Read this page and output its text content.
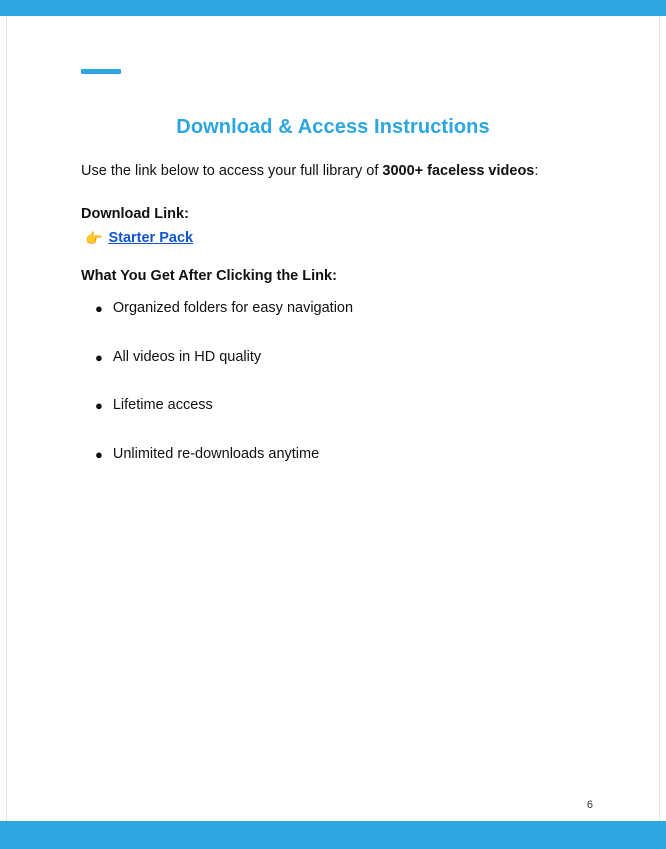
Download & Access Instructions
Use the link below to access your full library of 3000+ faceless videos:
Download Link:
👉 Starter Pack
What You Get After Clicking the Link:
● Organized folders for easy navigation
● All videos in HD quality
● Lifetime access
● Unlimited re-downloads anytime
6
